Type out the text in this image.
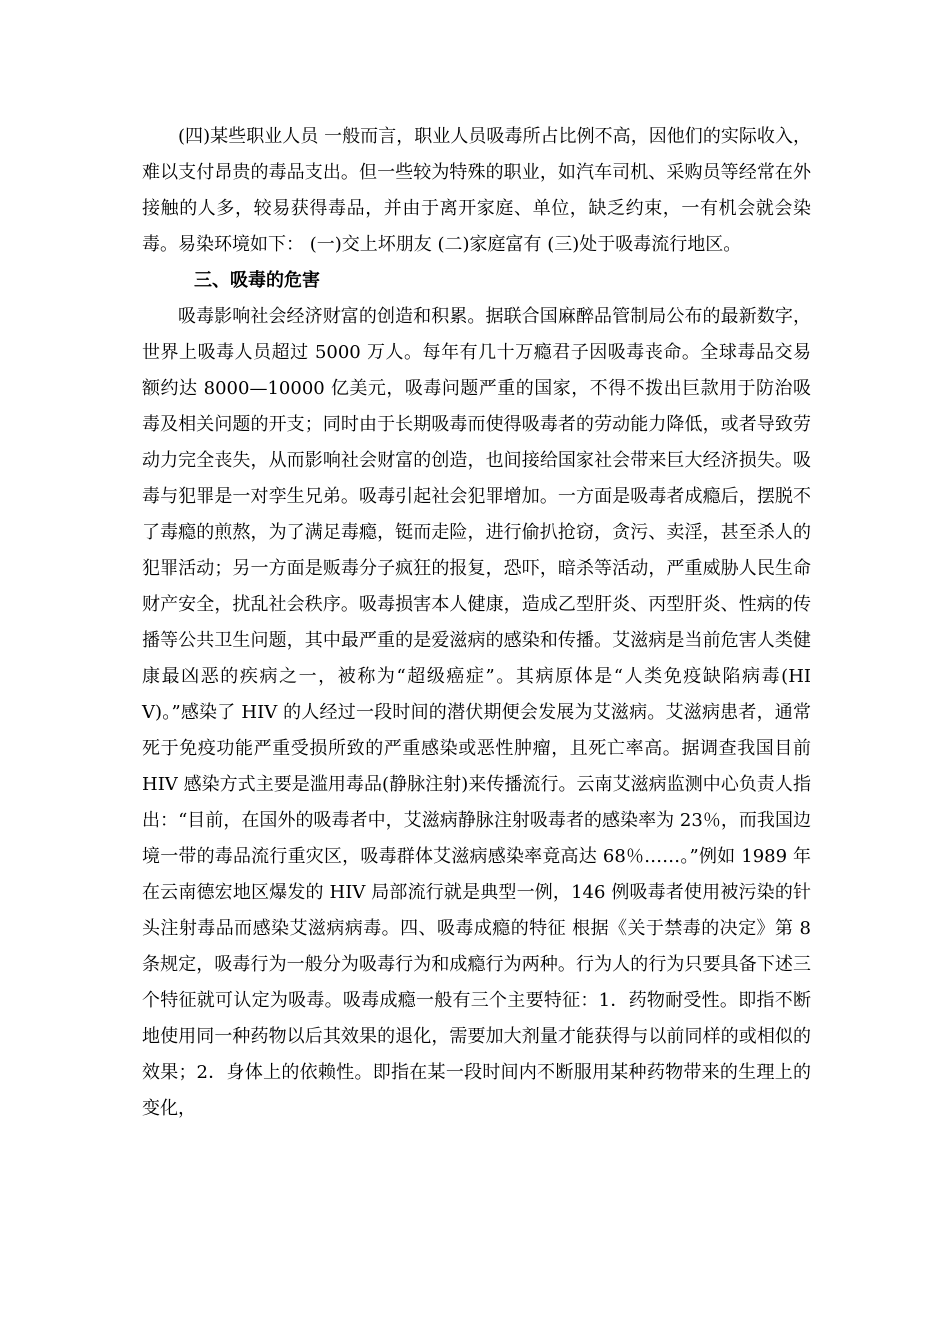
(四)某些职业人员 一般而言，职业人员吸毒所占比例不高，因他们的实际收入，难以支付昂贵的毒品支出。但一些较为特殊的职业，如汽车司机、采购员等经常在外接触的人多，较易获得毒品，并由于离开家庭、单位，缺乏约束，一有机会就会染毒。易染环境如下： (一)交上坏朋友 (二)家庭富有 (三)处于吸毒流行地区。

三、吸毒的危害

吸毒影响社会经济财富的创造和积累。据联合国麻醉品管制局公布的最新数字，世界上吸毒人员超过 5000 万人。每年有几十万瘾君子因吸毒丧命。全球毒品交易额约达 8000—10000 亿美元，吸毒问题严重的国家，不得不拨出巨款用于防治吸毒及相关问题的开支；同时由于长期吸毒而使得吸毒者的劳动能力降低，或者导致劳动力完全丧失，从而影响社会财富的创造，也间接给国家社会带来巨大经济损失。吸毒与犯罪是一对孪生兄弟。吸毒引起社会犯罪增加。一方面是吸毒者成瘾后，摆脱不了毒瘾的煎熬，为了满足毒瘾，铤而走险，进行偷扒抢窃，贪污、卖淫，甚至杀人的犯罪活动；另一方面是贩毒分子疯狂的报复，恐吓，暗杀等活动，严重威胁人民生命财产安全，扰乱社会秩序。吸毒损害本人健康，造成乙型肝炎、丙型肝炎、性病的传播等公共卫生问题，其中最严重的是爱滋病的感染和传播。艾滋病是当前危害人类健康最凶恶的疾病之一，被称为“超级癌症”。其病原体是“人类免疫缺陷病毒(HIV)。”感染了 HIV 的人经过一段时间的潜伏期便会发展为艾滋病。艾滋病患者，通常死于免疫功能严重受损所致的严重感染或恶性肿瘤，且死亡率高。据调查我国目前 HIV 感染方式主要是滥用毒品(静脉注射)来传播流行。云南艾滋病监测中心负责人指出：“目前，在国外的吸毒者中，艾滋病静脉注射吸毒者的感染率为 23％，而我国边境一带的毒品流行重灾区，吸毒群体艾滋病感染率竟高达 68％……。”例如 1989 年在云南德宏地区爆发的 HIV 局部流行就是典型一例，146 例吸毒者使用被污染的针头注射毒品而感染艾滋病病毒。四、吸毒成瘾的特征 根据《关于禁毒的决定》第 8 条规定，吸毒行为一般分为吸毒行为和成瘾行为两种。行为人的行为只要具备下述三个特征就可认定为吸毒。吸毒成瘾一般有三个主要特征：1．药物耐受性。即指不断地使用同一种药物以后其效果的退化，需要加大剂量才能获得与以前同样的或相似的效果；2．身体上的依赖性。即指在某一段时间内不断服用某种药物带来的生理上的变化，
